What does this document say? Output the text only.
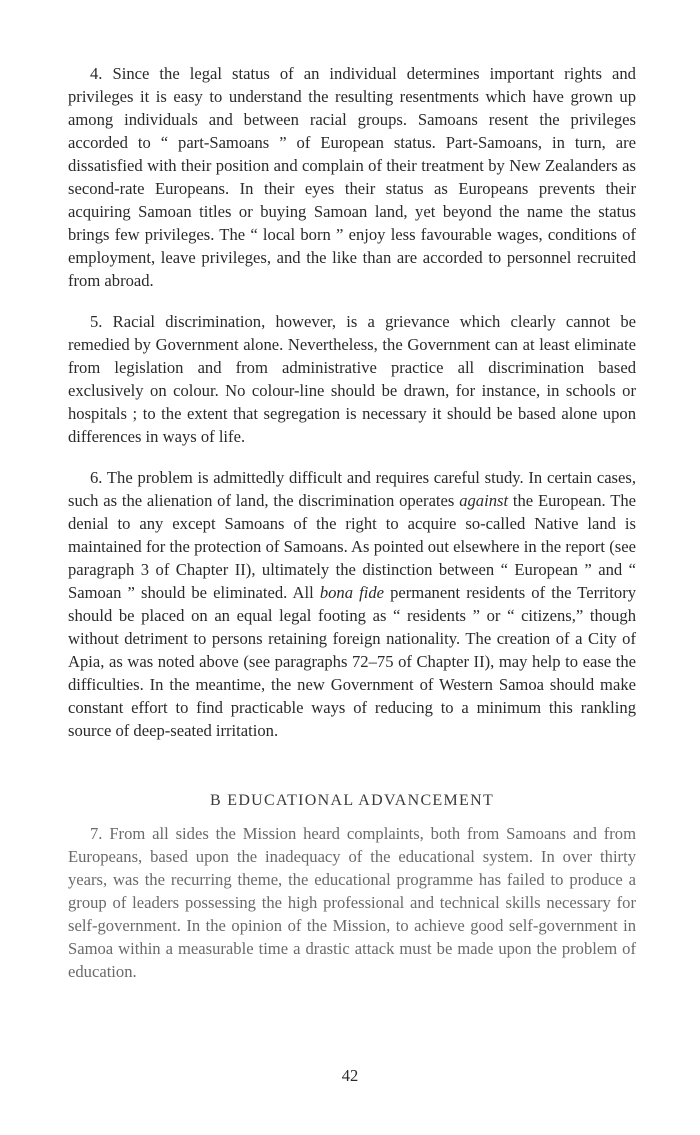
4. Since the legal status of an individual determines important rights and privileges it is easy to understand the resulting resentments which have grown up among individuals and between racial groups. Samoans resent the privileges accorded to “ part-Samoans ” of European status. Part-Samoans, in turn, are dissatisfied with their position and complain of their treatment by New Zealanders as second-rate Europeans. In their eyes their status as Europeans prevents their acquiring Samoan titles or buying Samoan land, yet beyond the name the status brings few privileges. The “ local born ” enjoy less favourable wages, conditions of employment, leave privileges, and the like than are accorded to personnel recruited from abroad.

5. Racial discrimination, however, is a grievance which clearly cannot be remedied by Government alone. Nevertheless, the Government can at least eliminate from legislation and from administrative practice all discrimination based exclusively on colour. No colour-line should be drawn, for instance, in schools or hospitals ; to the extent that segregation is necessary it should be based alone upon differences in ways of life.

6. The problem is admittedly difficult and requires careful study. In certain cases, such as the alienation of land, the discrimination operates against the European. The denial to any except Samoans of the right to acquire so-called Native land is maintained for the protection of Samoans. As pointed out elsewhere in the report (see paragraph 3 of Chapter II), ultimately the distinction between “ European ” and “ Samoan ” should be eliminated. All bona fide permanent residents of the Territory should be placed on an equal legal footing as “ residents ” or “ citizens,” though without detriment to persons retaining foreign nationality. The creation of a City of Apia, as was noted above (see paragraphs 72–75 of Chapter II), may help to ease the difficulties. In the meantime, the new Government of Western Samoa should make constant effort to find practicable ways of reducing to a minimum this rankling source of deep-seated irritation.

B EDUCATIONAL ADVANCEMENT

7. From all sides the Mission heard complaints, both from Samoans and from Europeans, based upon the inadequacy of the educational system. In over thirty years, was the recurring theme, the educational programme has failed to produce a group of leaders possessing the high professional and technical skills necessary for self-government. In the opinion of the Mission, to achieve good self-government in Samoa within a measurable time a drastic attack must be made upon the problem of education.

42
